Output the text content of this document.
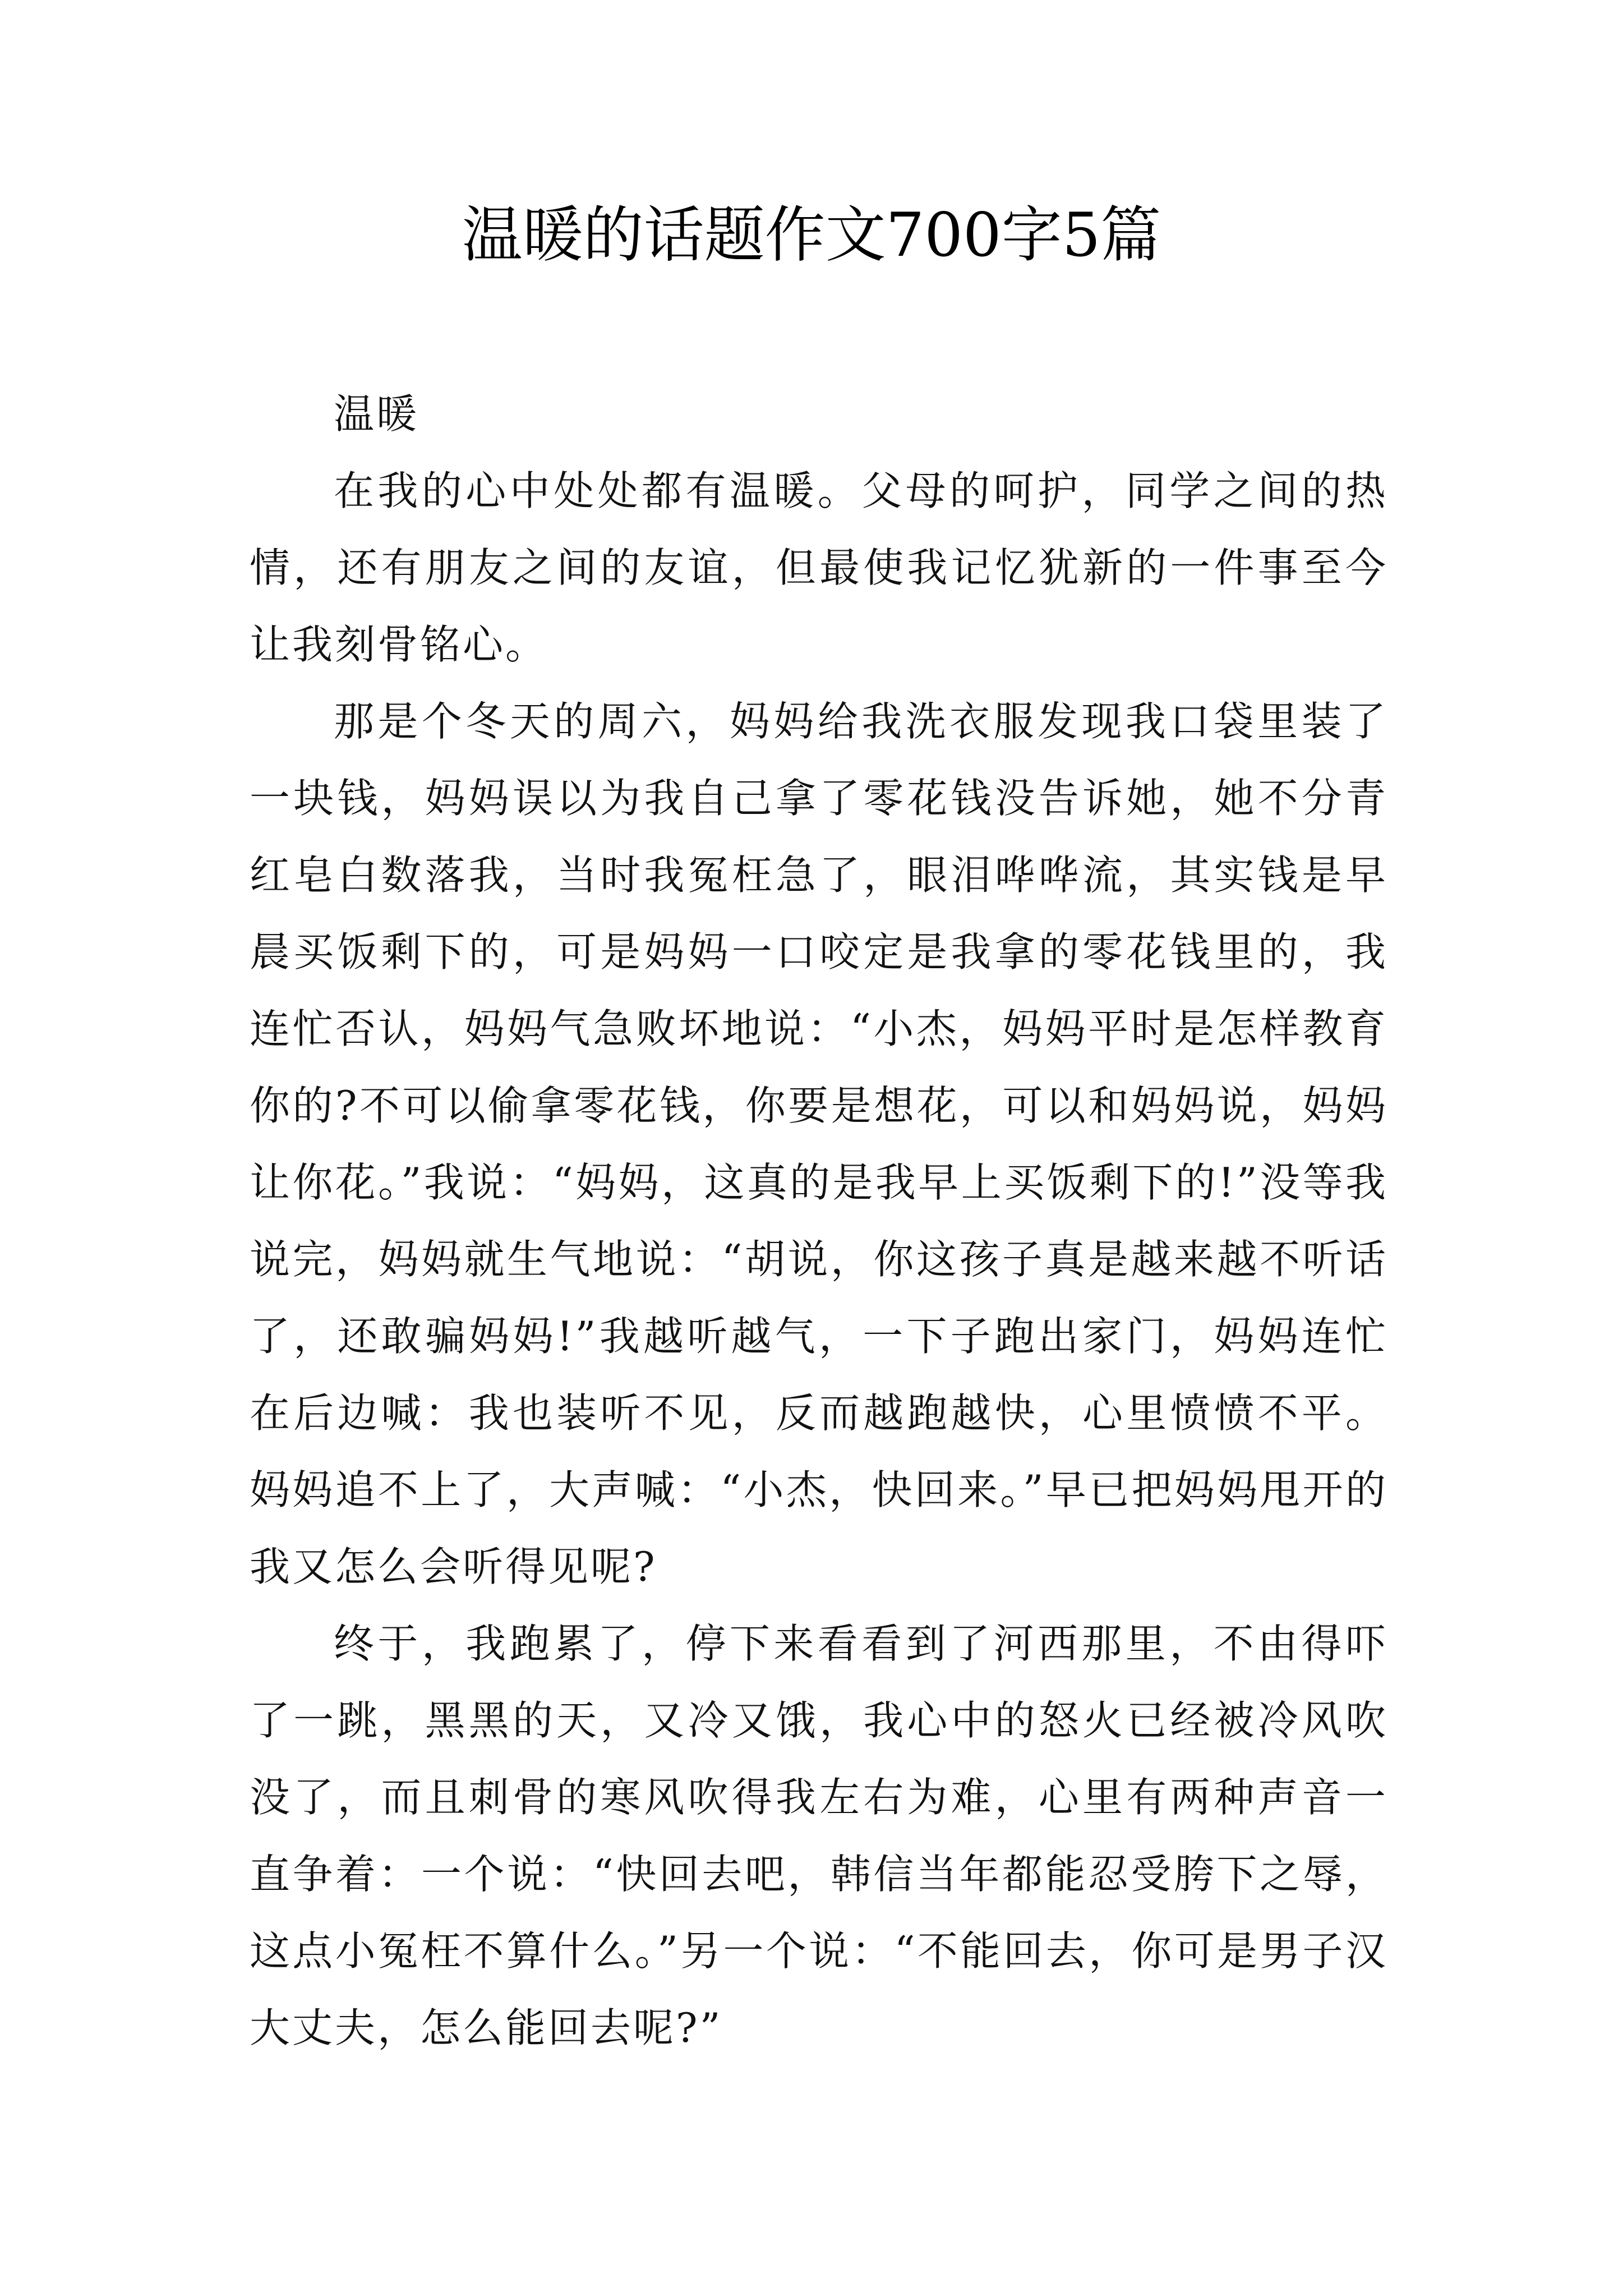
温暖的话题作文700字5篇

温暖

在我的心中处处都有温暖。父母的呵护，同学之间的热情，还有朋友之间的友谊，但最使我记忆犹新的一件事至今让我刻骨铭心。

那是个冬天的周六，妈妈给我洗衣服发现我口袋里装了一块钱，妈妈误以为我自己拿了零花钱没告诉她，她不分青红皂白数落我，当时我冤枉急了，眼泪哗哗流，其实钱是早晨买饭剩下的，可是妈妈一口咬定是我拿的零花钱里的，我连忙否认，妈妈气急败坏地说：“小杰，妈妈平时是怎样教育你的?不可以偷拿零花钱，你要是想花，可以和妈妈说，妈妈让你花。”我说：“妈妈，这真的是我早上买饭剩下的!”没等我说完，妈妈就生气地说：“胡说，你这孩子真是越来越不听话了，还敢骗妈妈!”我越听越气，一下子跑出家门，妈妈连忙在后边喊：我也装听不见，反而越跑越快，心里愤愤不平。妈妈追不上了，大声喊：“小杰，快回来。”早已把妈妈甩开的我又怎么会听得见呢?

终于，我跑累了，停下来看看到了河西那里，不由得吓了一跳，黑黑的天，又冷又饿，我心中的怒火已经被冷风吹没了，而且刺骨的寒风吹得我左右为难，心里有两种声音一直争着：一个说：“快回去吧，韩信当年都能忍受胯下之辱，这点小冤枉不算什么。”另一个说：“不能回去，你可是男子汉大丈夫，怎么能回去呢?”
